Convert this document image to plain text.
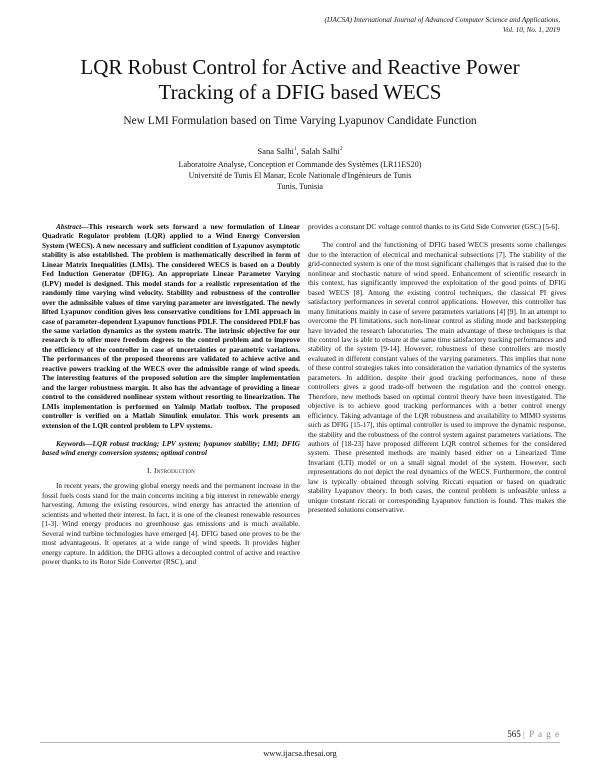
(IJACSA) International Journal of Advanced Computer Science and Applications,
Vol. 10, No. 1, 2019
LQR Robust Control for Active and Reactive Power
Tracking of a DFIG based WECS
New LMI Formulation based on Time Varying Lyapunov Candidate Function
Sana Salhi$^1$, Salah Salhi$^2$
Laboratoire Analyse, Conception et Commande des Systèmes (LR11ES20)
Université de Tunis El Manar, Ecole Nationale d'Ingénieurs de Tunis
Tunis, Tunisia

Abstract—This research work sets forward a new formulation of Linear Quadratic Regulator problem (LQR) applied to a Wind Energy Conversion System (WECS). A new necessary and sufficient condition of Lyapunov asymptotic stability is also established. The problem is mathematically described in form of Linear Matrix Inequalities (LMIs). The considered WECS is based on a Doubly Fed Induction Generator (DFIG). An appropriate Linear Parameter Varying (LPV) model is designed. This model stands for a realistic representation of the randomly time varying wind velocity. Stability and robustness of the controller over the admissible values of time varying parameter are investigated. The newly lifted Lyapunov condition gives less conservative conditions for LMI approach in case of parameter-dependent Lyapunov functions PDLF. The considered PDLF has the same variation dynamics as the system matrix. The intrinsic objective for our research is to offer more freedom degrees to the control problem and to improve the efficiency of the controller in case of uncertainties or parametric variations. The performances of the proposed theorems are validated to achieve active and reactive powers tracking of the WECS over the admissible range of wind speeds. The interesting features of the proposed solution are the simpler implementation and the larger robustness margin. It also has the advantage of providing a linear control to the considered nonlinear system without resorting to linearization. The LMIs implementation is performed on Yalmip Matlab toolbox. The proposed controller is verified on a Matlab Simulink emulator. This work presents an extension of the LQR control problem to LPV systems.

Keywords—LQR robust tracking; LPV system; lyapunov stability; LMI; DFIG based wind energy conversion systems; optimal control

I. Introduction

In recent years, the growing global energy needs and the permanent increase in the fossil fuels costs stand for the main concerns inciting a big interest in renewable energy harvesting. Among the existing resources, wind energy has attracted the attention of scientists and whetted their interest. In fact, it is one of the cleanest renewable resources [1-3]. Wind energy produces no greenhouse gas emissions and is much available. Several wind turbine technologies have emerged [4]. DFIG based one proves to be the most advantageous. It operates at a wide range of wind speeds. It provides higher energy capture. In addition, the DFIG allows a decoupled control of active and reactive power thanks to its Rotor Side Converter (RSC), and

provides a constant DC voltage control thanks to its Grid Side Converter (GSC) [5-6].

The control and the functioning of DFIG based WECS presents some challenges due to the interaction of electrical and mechanical subsections [7]. The stability of the grid-connected system is one of the most significant challenges that is raised due to the nonlinear and stochastic nature of wind speed. Enhancement of scientific research in this context, has significantly improved the exploitation of the good points of DFIG based WECS [8]. Among the existing control techniques, the classical PI gives satisfactory performances in several control applications. However, this controller has many limitations mainly in case of severe parameters variations [4] [9]. In an attempt to overcome the PI limitations, such non-linear control as sliding mode and backstepping have invaded the research laboratories. The main advantage of these techniques is that the control law is able to ensure at the same time satisfactory tracking performances and stability of the system [9-14]. However, robustness of these controllers are mostly evaluated in different constant values of the varying parameters. This implies that none of these control strategies takes into consideration the variation dynamics of the systems parameters. In addition, despite their good tracking performances, none of these controllers gives a good trade-off between the regulation and the control energy. Therefore, new methods based on optimal control theory have been investigated. The objective is to achieve good tracking performances with a better control energy efficiency. Taking advantage of the LQR robustness and availability to MIMO systems such as DFIG [15-17], this optimal controller is used to improve the dynamic response, the stability and the robustness of the control system against parameters variations. The authors of [18-23] have proposed different LQR control schemes for the considered system. These presented methods are mainly based either on a Linearized Time Invariant (LTI) model or on a small signal model of the system. However, such representations do not depict the real dynamics of the WECS. Furthermore, the control law is typically obtained through solving Riccati equation or based on quadratic stability Lyapunov theory. In both cases, the control problem is unfeasible unless a unique constant riccati or corresponding Lyapunov function is found. This makes the presented solutions conservative.

565 | P a g e
www.ijacsa.thesai.org
